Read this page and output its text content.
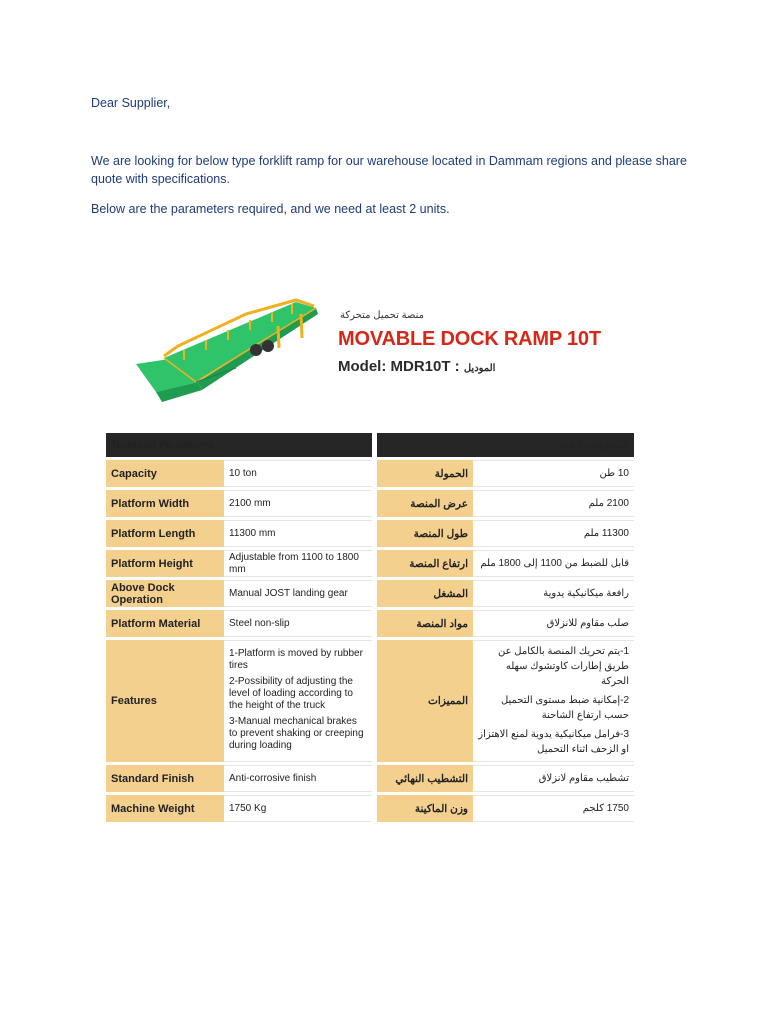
Dear Supplier,

We are looking for below type forklift ramp for our warehouse located in Dammam regions and please share quote with specifications.

Below are the parameters required, and we need at least 2 units.

منصة تحميل متحركة
MOVABLE DOCK RAMP 10T
Model: MDR10T : الموديل
Technical Parameters	
Capacity	10 ton
Platform Width	2100 mm
Platform Length	11300 mm
Platform Height	Adjustable from 1100 to 1800 mm
Above Dock Operation	Manual JOST landing gear
Platform Material	Steel non-slip
Features	1-Platform is moved by rubber tires

2-Possibility of adjusting the level of loading according to the height of the truck

3-Manual mechanical brakes to prevent shaking or creeping during loading

Standard Finish	Anti-corrosive finish
Machine Weight	1750 Kg
المعلومات التقنية	
الحمولة	10 طن
عرض المنصة	2100 ملم
طول المنصة	11300 ملم
ارتفاع المنصة	قابل للضبط من 1100 إلى 1800 ملم
المشغل	رافعة ميكانيكية يدوية
مواد المنصة	صلب مقاوم للانزلاق
المميزات	1-يتم تحريك المنصة بالكامل عن طريق إطارات كاوتشوك سهله الحركة

2-إمكانية ضبط مستوى التحميل حسب ارتفاع الشاحنة

3-فرامل ميكانيكية يدوية لمنع الاهتزاز او الزحف اثناء التحميل

التشطيب النهائي	تشطيب مقاوم لانزلاق
وزن الماكينة	1750 كلجم
